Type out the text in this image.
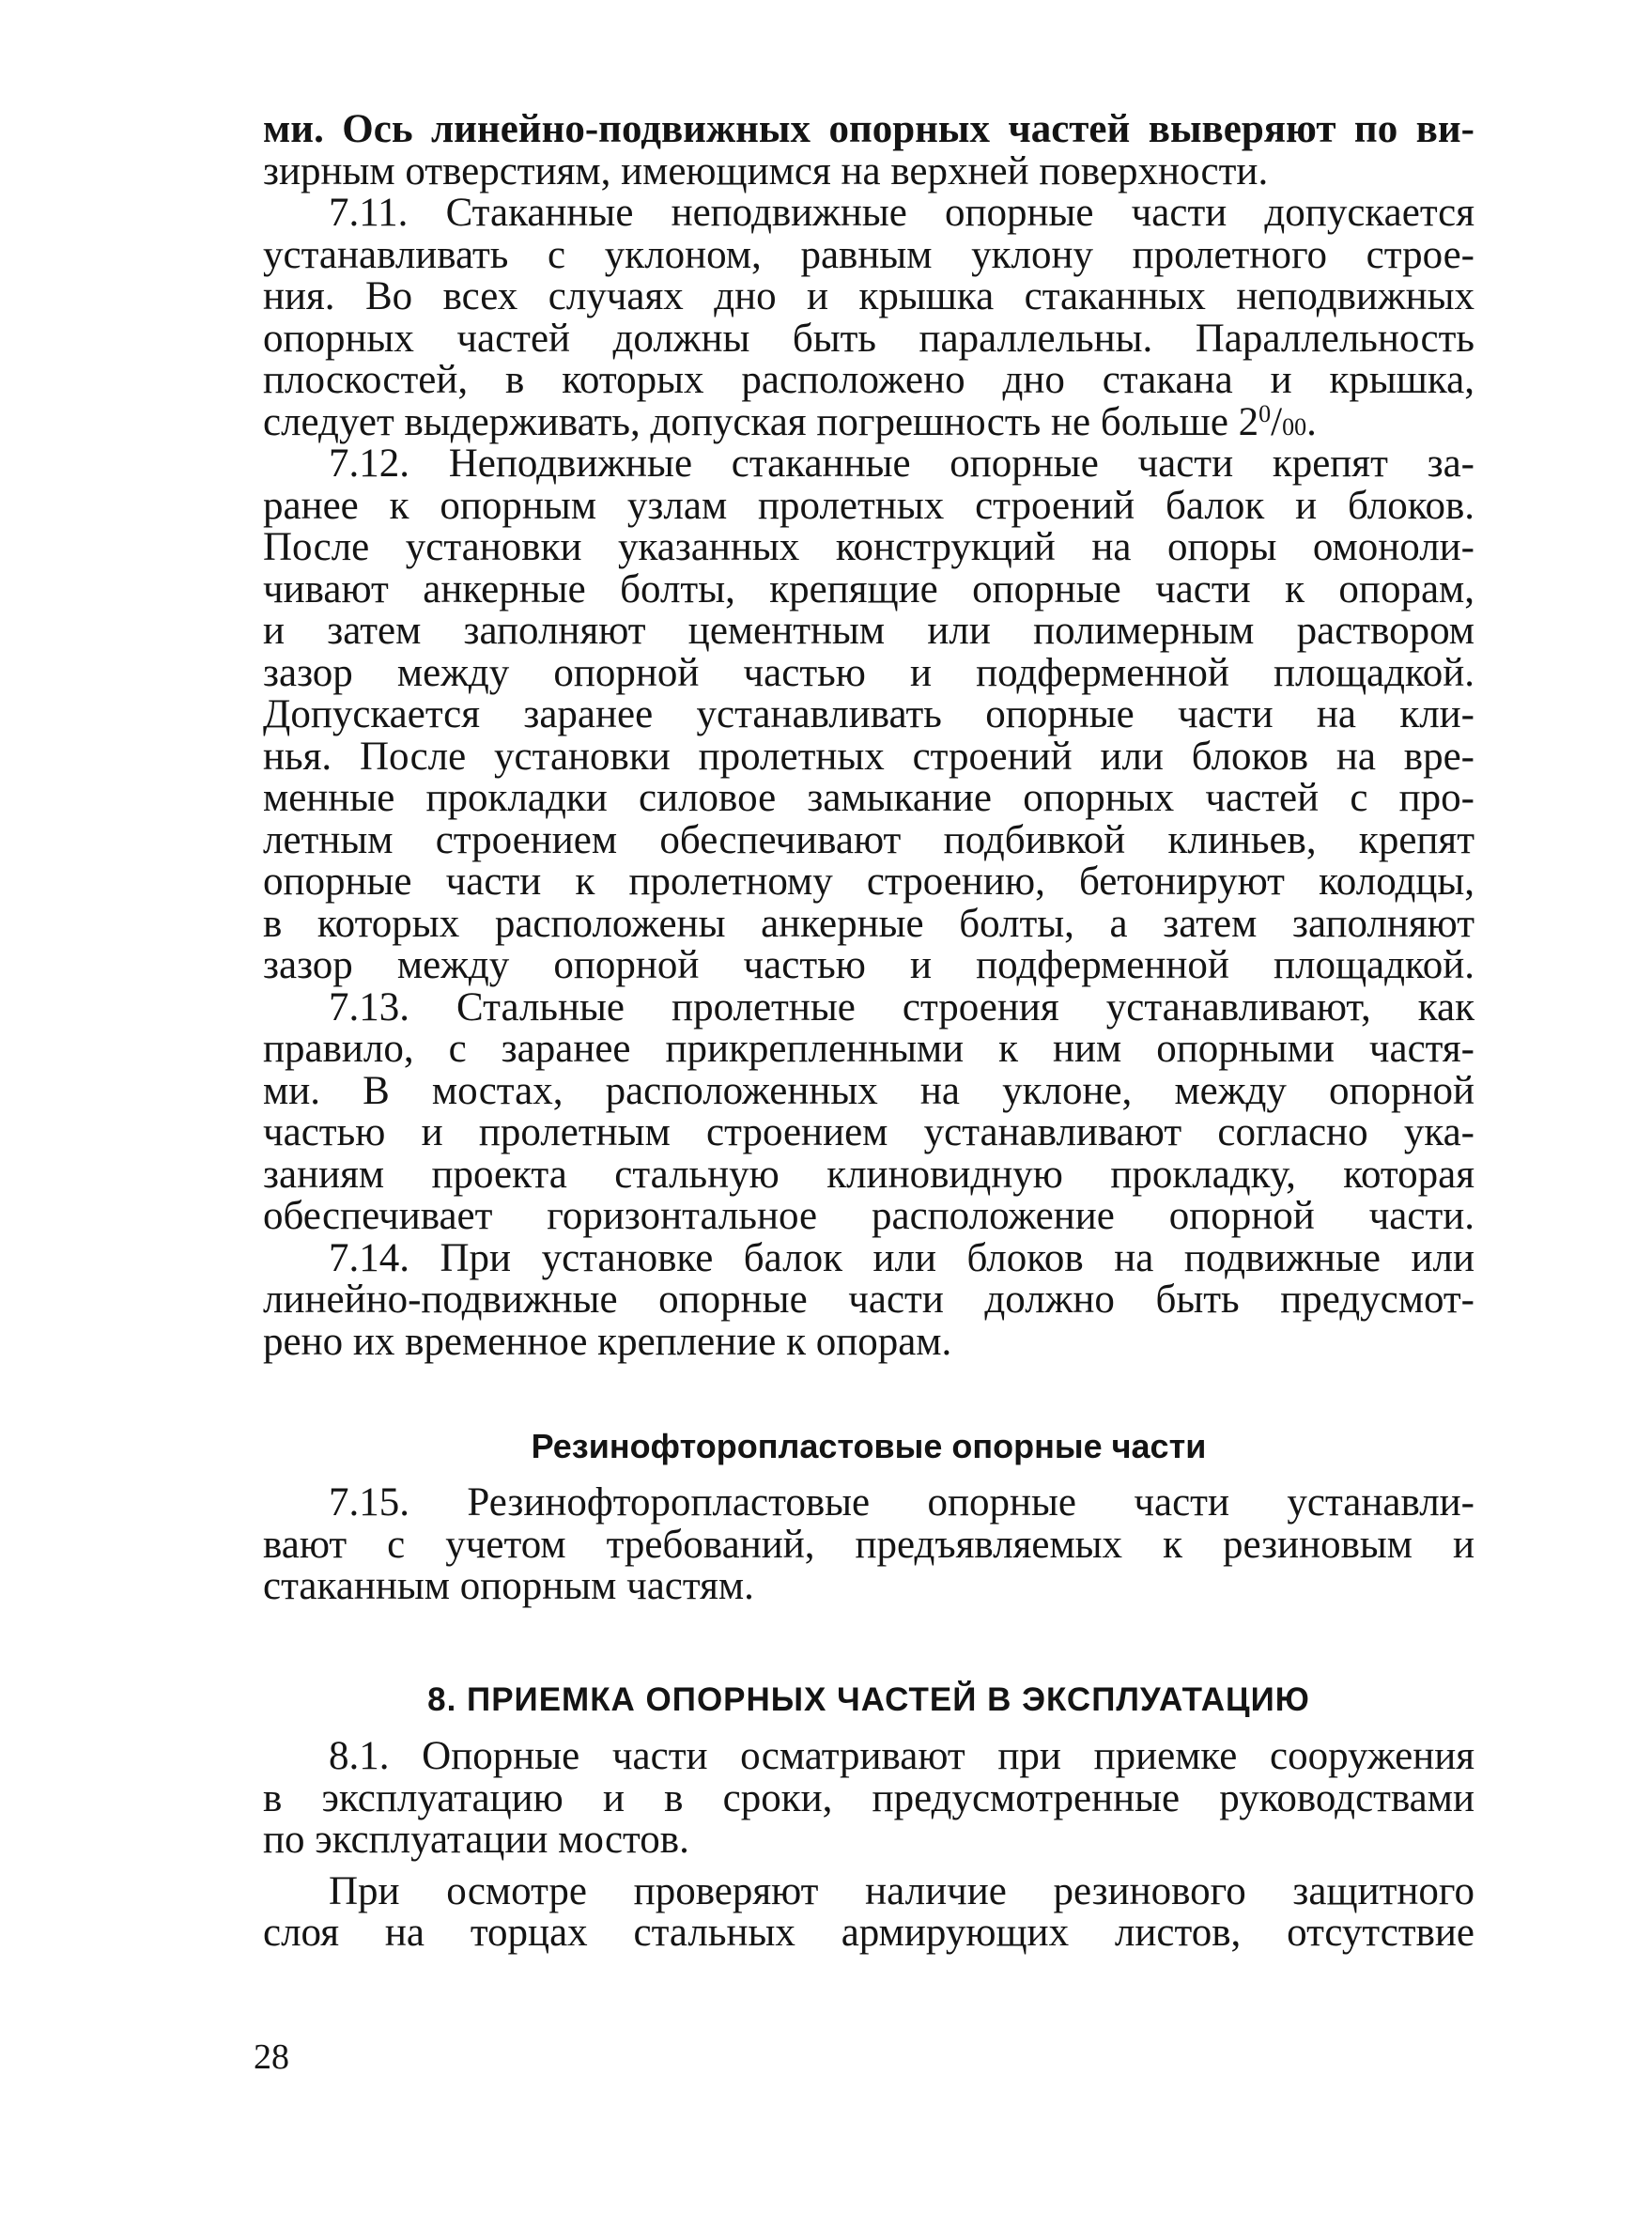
ми. Ось линейно-подвижных опорных частей выверяют по ви-
зирным отверстиям, имеющимся на верхней поверхности.
7.11. Стаканные неподвижные опорные части допускается
устанавливать с уклоном, равным уклону пролетного строе-
ния. Во всех случаях дно и крышка стаканных неподвижных
опорных частей должны быть параллельны. Параллельность
плоскостей, в которых расположено дно стакана и крышка,
следует выдерживать, допуская погрешность не больше $2^0/00$.
7.12. Неподвижные стаканные опорные части крепят за-
ранее к опорным узлам пролетных строений балок и блоков.
После установки указанных конструкций на опоры омоноли-
чивают анкерные болты, крепящие опорные части к опорам,
и затем заполняют цементным или полимерным раствором
зазор между опорной частью и подферменной площадкой.
Допускается заранее устанавливать опорные части на кли-
нья. После установки пролетных строений или блоков на вре-
менные прокладки силовое замыкание опорных частей с про-
летным строением обеспечивают подбивкой клиньев, крепят
опорные части к пролетному строению, бетонируют колодцы,
в которых расположены анкерные болты, а затем заполняют
зазор между опорной частью и подферменной площадкой.
7.13. Стальные пролетные строения устанавливают, как
правило, с заранее прикрепленными к ним опорными частя-
ми. В мостах, расположенных на уклоне, между опорной
частью и пролетным строением устанавливают согласно ука-
заниям проекта стальную клиновидную прокладку, которая
обеспечивает горизонтальное расположение опорной части.
7.14. При установке балок или блоков на подвижные или
линейно-подвижные опорные части должно быть предусмот-
рено их временное крепление к опорам.
Резинофторопластовые опорные части
7.15. Резинофторопластовые опорные части устанавли-
вают с учетом требований, предъявляемых к резиновым и
стаканным опорным частям.
8. ПРИЕМКА ОПОРНЫХ ЧАСТЕЙ В ЭКСПЛУАТАЦИЮ
8.1. Опорные части осматривают при приемке сооружения
в эксплуатацию и в сроки, предусмотренные руководствами
по эксплуатации мостов.
При осмотре проверяют наличие резинового защитного
слоя на торцах стальных армирующих листов, отсутствие
28
